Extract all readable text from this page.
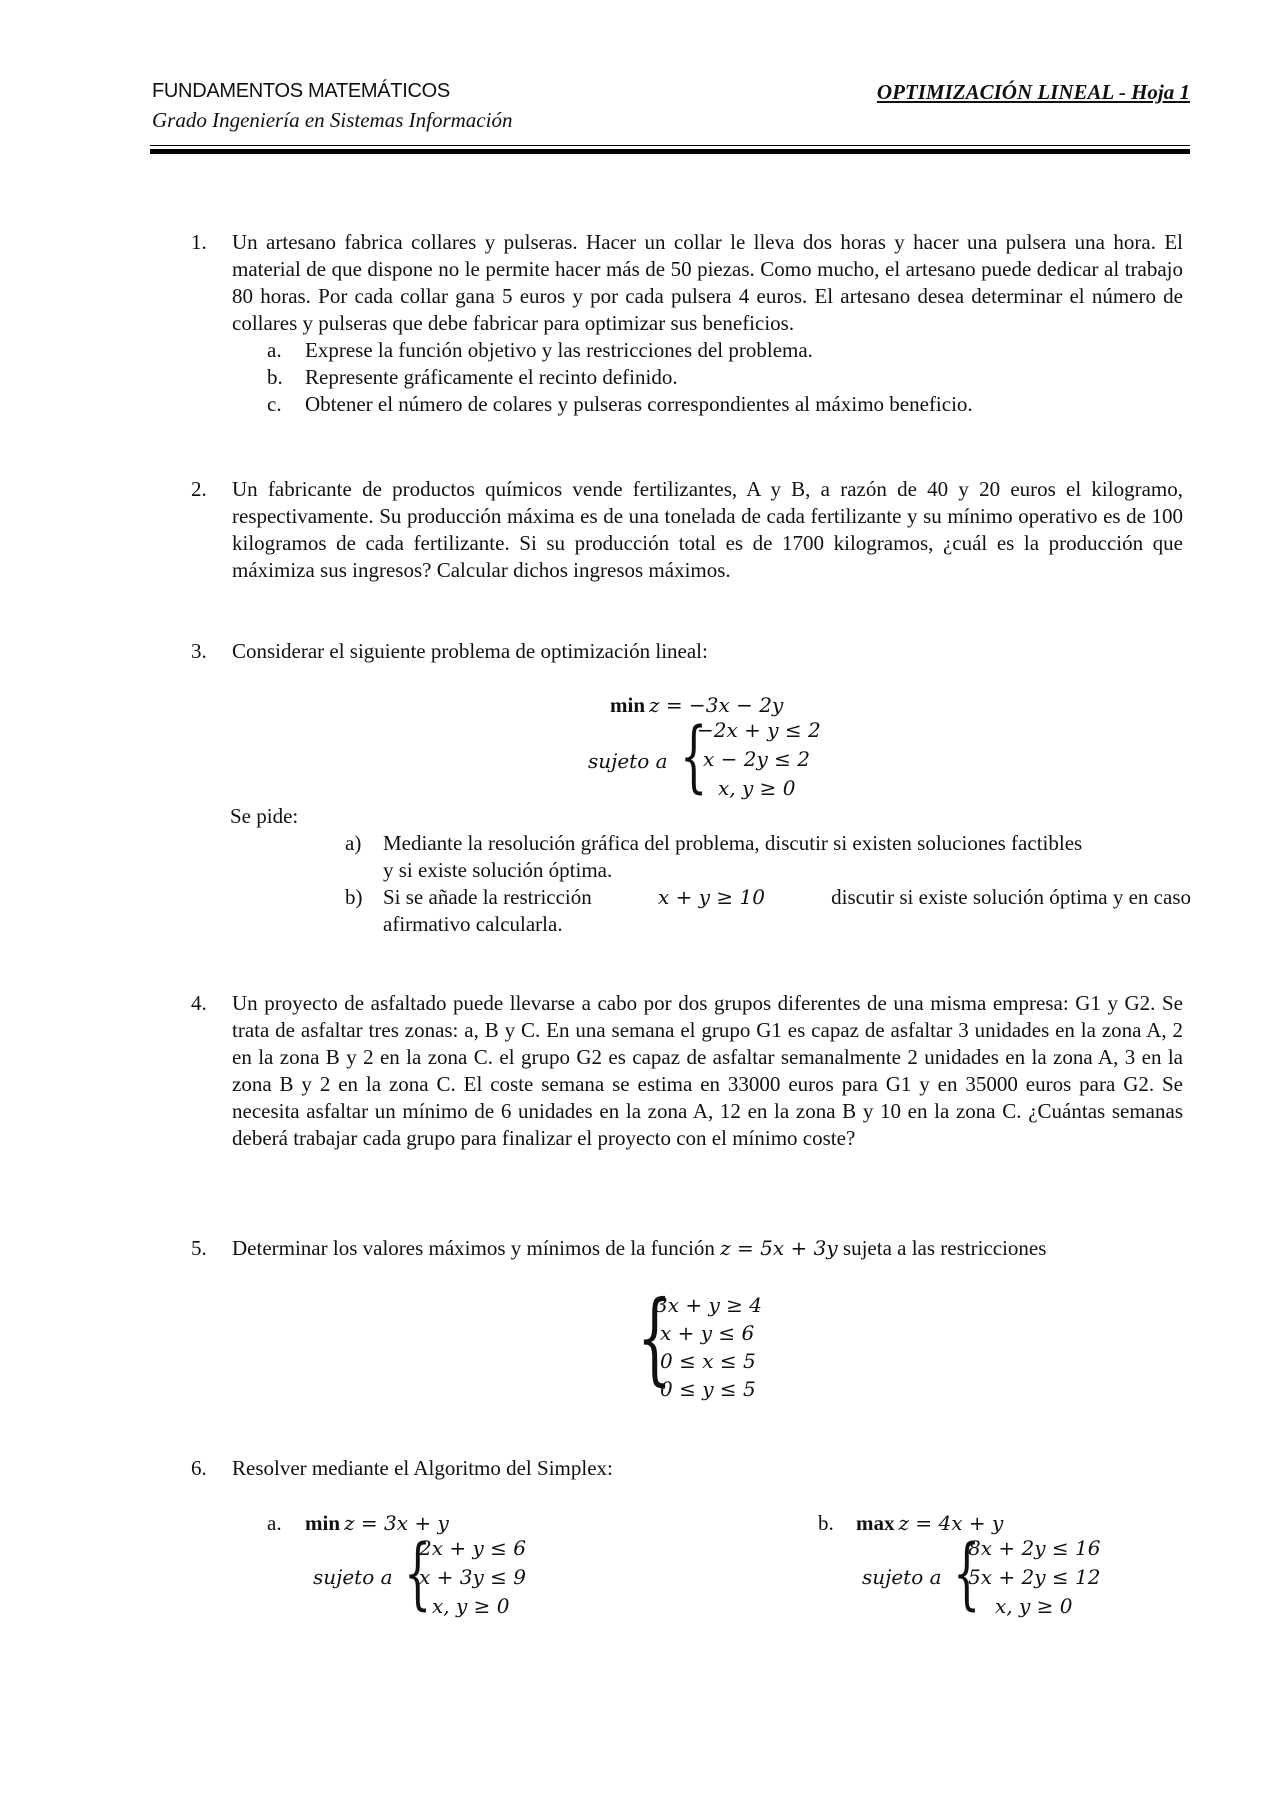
FUNDAMENTOS MATEMÁTICOS
Grado Ingeniería en Sistemas Información
OPTIMIZACIÓN LINEAL - Hoja 1
1. Un artesano fabrica collares y pulseras. Hacer un collar le lleva dos horas y hacer una pulsera una hora. El material de que dispone no le permite hacer más de 50 piezas. Como mucho, el artesano puede dedicar al trabajo 80 horas. Por cada collar gana 5 euros y por cada pulsera 4 euros. El artesano desea determinar el número de collares y pulseras que debe fabricar para optimizar sus beneficios.
a. Exprese la función objetivo y las restricciones del problema.
b. Represente gráficamente el recinto definido.
c. Obtener el número de colares y pulseras correspondientes al máximo beneficio.
2. Un fabricante de productos químicos vende fertilizantes, A y B, a razón de 40 y 20 euros el kilogramo, respectivamente. Su producción máxima es de una tonelada de cada fertilizante y su mínimo operativo es de 100 kilogramos de cada fertilizante. Si su producción total es de 1700 kilogramos, ¿cuál es la producción que máximiza sus ingresos? Calcular dichos ingresos máximos.
3. Considerar el siguiente problema de optimización lineal:
min z = −3x − 2y
sujeto a {
−2x + y ≤ 2
x − 2y ≤ 2
x, y ≥ 0
Se pide:
a) Mediante la resolución gráfica del problema, discutir si existen soluciones factibles
y si existe solución óptima.
b) Si se añade la restricción	x + y ≥ 10	discutir si existe solución óptima y en caso
afirmativo calcularla.
4. Un proyecto de asfaltado puede llevarse a cabo por dos grupos diferentes de una misma empresa: G1 y G2. Se trata de asfaltar tres zonas: a, B y C. En una semana el grupo G1 es capaz de asfaltar 3 unidades en la zona A, 2 en la zona B y 2 en la zona C. el grupo G2 es capaz de asfaltar semanalmente 2 unidades en la zona A, 3 en la zona B y 2 en la zona C. El coste semana se estima en 33000 euros para G1 y en 35000 euros para G2. Se necesita asfaltar un mínimo de 6 unidades en la zona A, 12 en la zona B y 10 en la zona C. ¿Cuántas semanas deberá trabajar cada grupo para finalizar el proyecto con el mínimo coste?
5. Determinar los valores máximos y mínimos de la función z = 5x + 3y sujeta a las restricciones
{
3x + y ≥ 4
x + y ≤ 6
0 ≤ x ≤ 5
0 ≤ y ≤ 5
6. Resolver mediante el Algoritmo del Simplex:
a. min z = 3x + y
sujeto a {
2x + y ≤ 6
x + 3y ≤ 9
x, y ≥ 0
b. max z = 4x + y
sujeto a {
8x + 2y ≤ 16
5x + 2y ≤ 12
x, y ≥ 0
